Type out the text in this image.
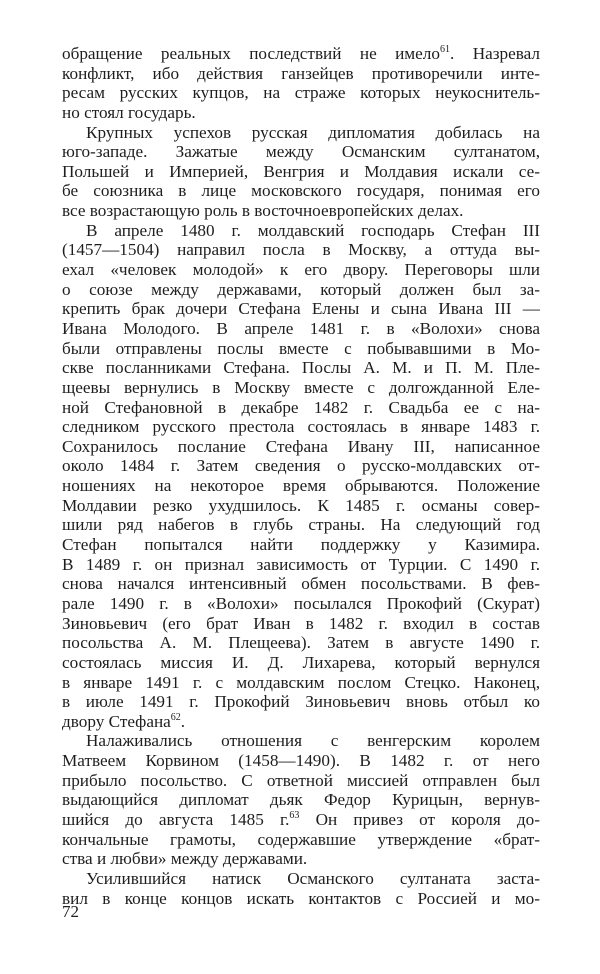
обращение реальных последствий не имело$^{61}$. Назревал
конфликт, ибо действия ганзейцев противоречили инте-
ресам русских купцов, на страже которых неукоснитель-
но стоял государь.
Крупных успехов русская дипломатия добилась на
юго-западе. Зажатые между Османским султанатом,
Польшей и Империей, Венгрия и Молдавия искали се-
бе союзника в лице московского государя, понимая его
все возрастающую роль в восточноевропейских делах.
В апреле 1480 г. молдавский господарь Стефан III
(1457—1504) направил посла в Москву, а оттуда вы-
ехал «человек молодой» к его двору. Переговоры шли
о союзе между державами, который должен был за-
крепить брак дочери Стефана Елены и сына Ивана III —
Ивана Молодого. В апреле 1481 г. в «Волохи» снова
были отправлены послы вместе с побывавшими в Мо-
скве посланниками Стефана. Послы А. М. и П. М. Пле-
щеевы вернулись в Москву вместе с долгожданной Еле-
ной Стефановной в декабре 1482 г. Свадьба ее с на-
следником русского престола состоялась в январе 1483 г.
Сохранилось послание Стефана Ивану III, написанное
около 1484 г. Затем сведения о русско-молдавских от-
ношениях на некоторое время обрываются. Положение
Молдавии резко ухудшилось. К 1485 г. османы совер-
шили ряд набегов в глубь страны. На следующий год
Стефан попытался найти поддержку у Казимира.
В 1489 г. он признал зависимость от Турции. С 1490 г.
снова начался интенсивный обмен посольствами. В фев-
рале 1490 г. в «Волохи» посылался Прокофий (Скурат)
Зиновьевич (его брат Иван в 1482 г. входил в состав
посольства А. М. Плещеева). Затем в августе 1490 г.
состоялась миссия И. Д. Лихарева, который вернулся
в январе 1491 г. с молдавским послом Стецко. Наконец,
в июле 1491 г. Прокофий Зиновьевич вновь отбыл ко
двору Стефана$^{62}$.
Налаживались отношения с венгерским королем
Матвеем Корвином (1458—1490). В 1482 г. от него
прибыло посольство. С ответной миссией отправлен был
выдающийся дипломат дьяк Федор Курицын, вернув-
шийся до августа 1485 г.$^{63}$ Он привез от короля до-
кончальные грамоты, содержавшие утверждение «брат-
ства и любви» между державами.
Усилившийся натиск Османского султаната заста-
вил в конце концов искать контактов с Россией и мо-
72
